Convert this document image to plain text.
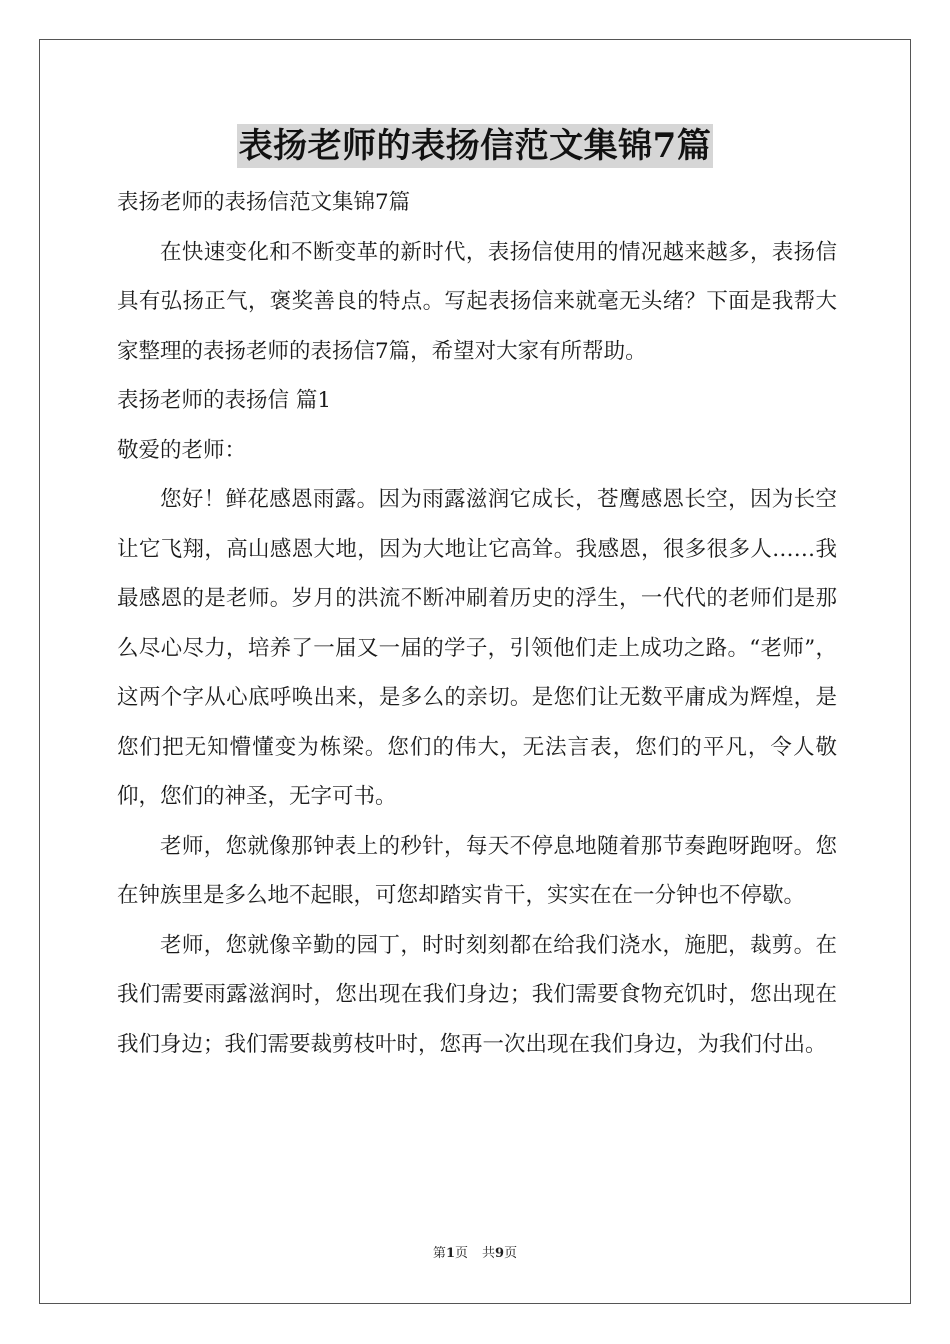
表扬老师的表扬信范文集锦7篇

表扬老师的表扬信范文集锦7篇

在快速变化和不断变革的新时代，表扬信使用的情况越来越多，表扬信具有弘扬正气，褒奖善良的特点。写起表扬信来就毫无头绪？下面是我帮大家整理的表扬老师的表扬信7篇，希望对大家有所帮助。

表扬老师的表扬信 篇1

敬爱的老师：

您好！鲜花感恩雨露。因为雨露滋润它成长，苍鹰感恩长空，因为长空让它飞翔，高山感恩大地，因为大地让它高耸。我感恩，很多很多人……我最感恩的是老师。岁月的洪流不断冲刷着历史的浮生，一代代的老师们是那么尽心尽力，培养了一届又一届的学子，引领他们走上成功之路。“老师”，这两个字从心底呼唤出来，是多么的亲切。是您们让无数平庸成为辉煌，是您们把无知懵懂变为栋梁。您们的伟大，无法言表，您们的平凡，令人敬仰，您们的神圣，无字可书。

老师，您就像那钟表上的秒针，每天不停息地随着那节奏跑呀跑呀。您在钟族里是多么地不起眼，可您却踏实肯干，实实在在一分钟也不停歇。

老师，您就像辛勤的园丁，时时刻刻都在给我们浇水，施肥，裁剪。在我们需要雨露滋润时，您出现在我们身边；我们需要食物充饥时，您出现在我们身边；我们需要裁剪枝叶时，您再一次出现在我们身边，为我们付出。

第1页 共9页
